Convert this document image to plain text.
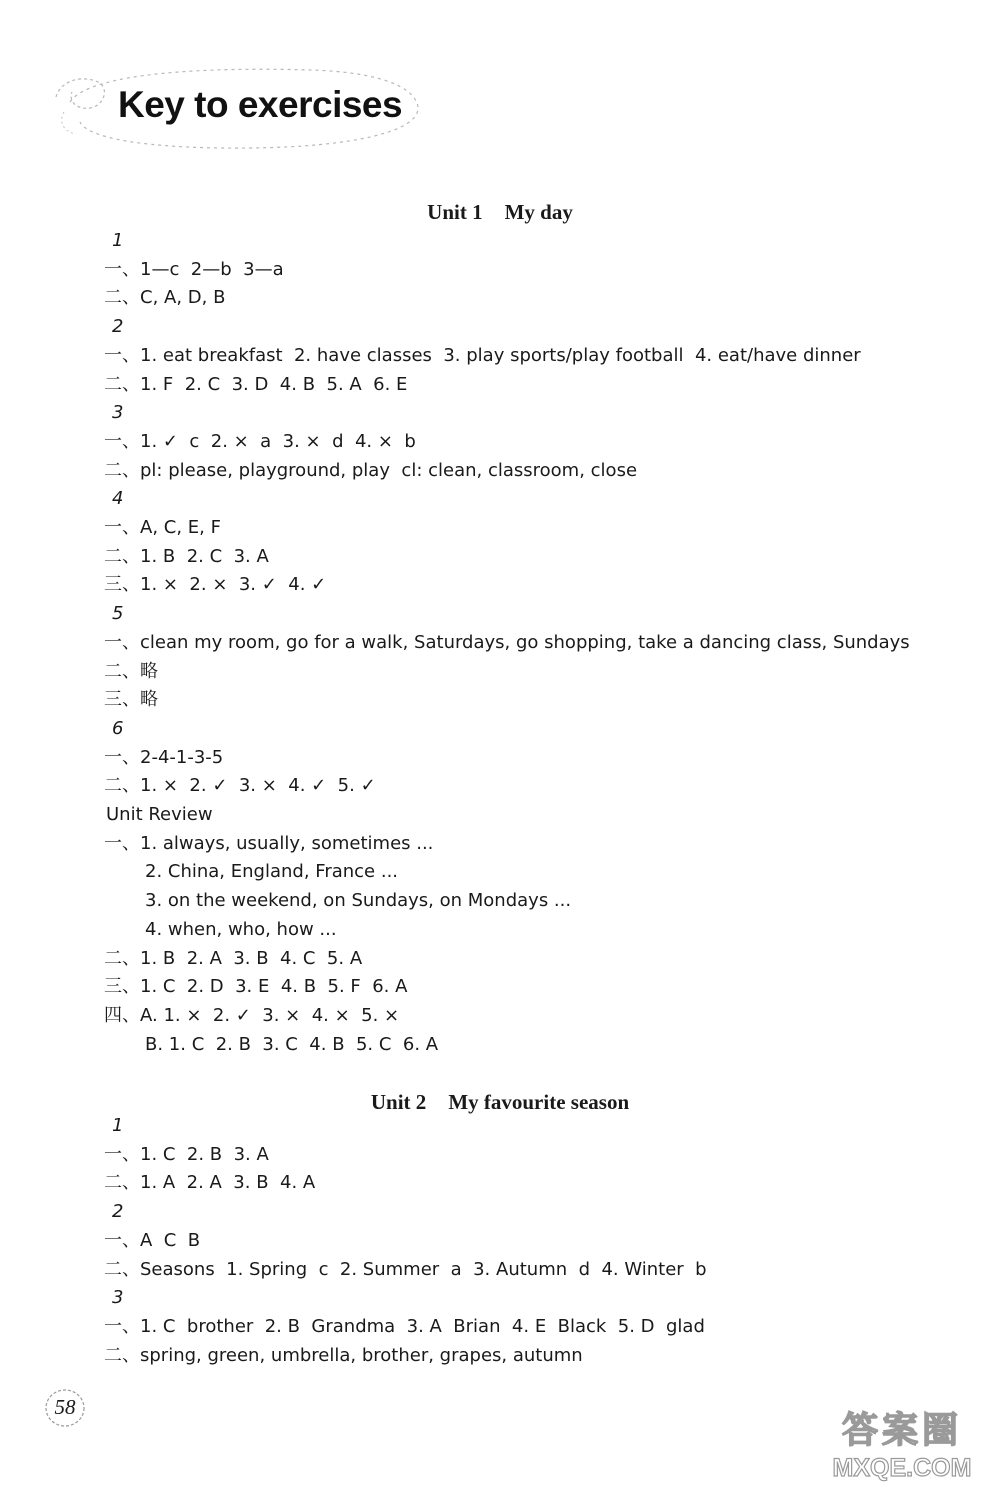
Key to exercises
Unit 1 My day
1
一、1—c  2—b  3—a
二、C, A, D, B
2
一、1. eat breakfast  2. have classes  3. play sports/play football  4. eat/have dinner
二、1. F  2. C  3. D  4. B  5. A  6. E
3
一、1. ✓  c  2. ×  a  3. ×  d  4. ×  b
二、pl: please, playground, play  cl: clean, classroom, close
4
一、A, C, E, F
二、1. B  2. C  3. A
三、1. ×  2. ×  3. ✓  4. ✓
5
一、clean my room, go for a walk, Saturdays, go shopping, take a dancing class, Sundays
二、略
三、略
6
一、2-4-1-3-5
二、1. ×  2. ✓  3. ×  4. ✓  5. ✓
Unit Review
一、1. always, usually, sometimes ...
2. China, England, France ...
3. on the weekend, on Sundays, on Mondays ...
4. when, who, how ...
二、1. B  2. A  3. B  4. C  5. A
三、1. C  2. D  3. E  4. B  5. F  6. A
四、A. 1. ×  2. ✓  3. ×  4. ×  5. ×
B. 1. C  2. B  3. C  4. B  5. C  6. A
Unit 2 My favourite season
1
一、1. C  2. B  3. A
二、1. A  2. A  3. B  4. A
2
一、A  C  B
二、Seasons  1. Spring  c  2. Summer  a  3. Autumn  d  4. Winter  b
3
一、1. C  brother  2. B  Grandma  3. A  Brian  4. E  Black  5. D  glad
二、spring, green, umbrella, brother, grapes, autumn
58
答案圈
MXQE.COM
